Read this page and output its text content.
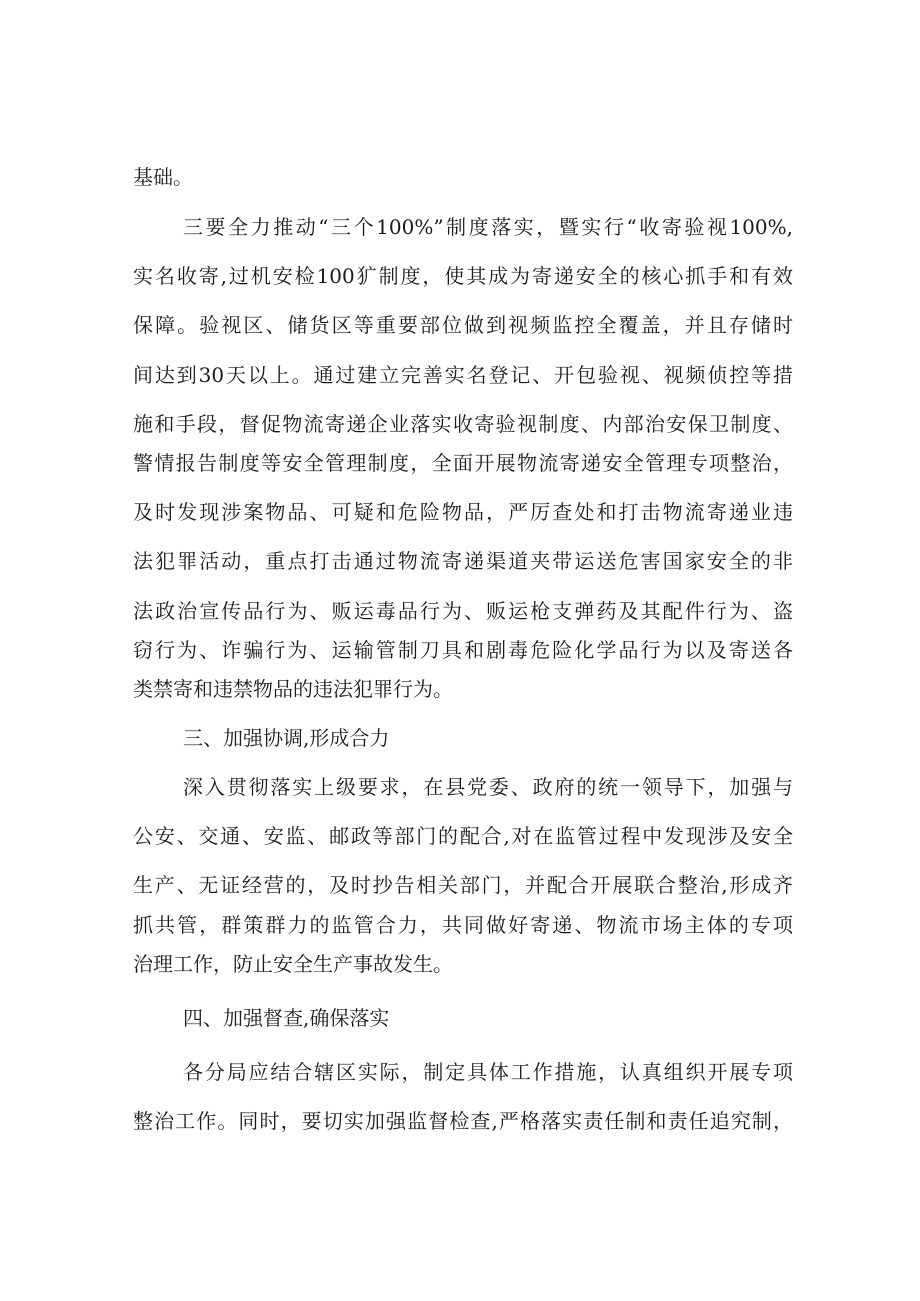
基础。
三要全力推动“三个100%”制度落实，暨实行“收寄验视100%,
实名收寄,过机安检100犷制度，使其成为寄递安全的核心抓手和有效
保障。验视区、储货区等重要部位做到视频监控全覆盖，并且存储时
间达到30天以上。通过建立完善实名登记、开包验视、视频侦控等措
施和手段，督促物流寄递企业落实收寄验视制度、内部治安保卫制度、
警情报告制度等安全管理制度，全面开展物流寄递安全管理专项整治，
及时发现涉案物品、可疑和危险物品，严厉查处和打击物流寄递业违
法犯罪活动，重点打击通过物流寄递渠道夹带运送危害国家安全的非
法政治宣传品行为、贩运毒品行为、贩运枪支弹药及其配件行为、盗
窃行为、诈骗行为、运输管制刀具和剧毒危险化学品行为以及寄送各
类禁寄和违禁物品的违法犯罪行为。
三、加强协调,形成合力
深入贯彻落实上级要求，在县党委、政府的统一领导下，加强与
公安、交通、安监、邮政等部门的配合,对在监管过程中发现涉及安全
生产、无证经营的，及时抄告相关部门，并配合开展联合整治,形成齐
抓共管，群策群力的监管合力，共同做好寄递、物流市场主体的专项
治理工作，防止安全生产事故发生。
四、加强督查,确保落实
各分局应结合辖区实际，制定具体工作措施，认真组织开展专项
整治工作。同时，要切实加强监督检查,严格落实责任制和责任追究制，
